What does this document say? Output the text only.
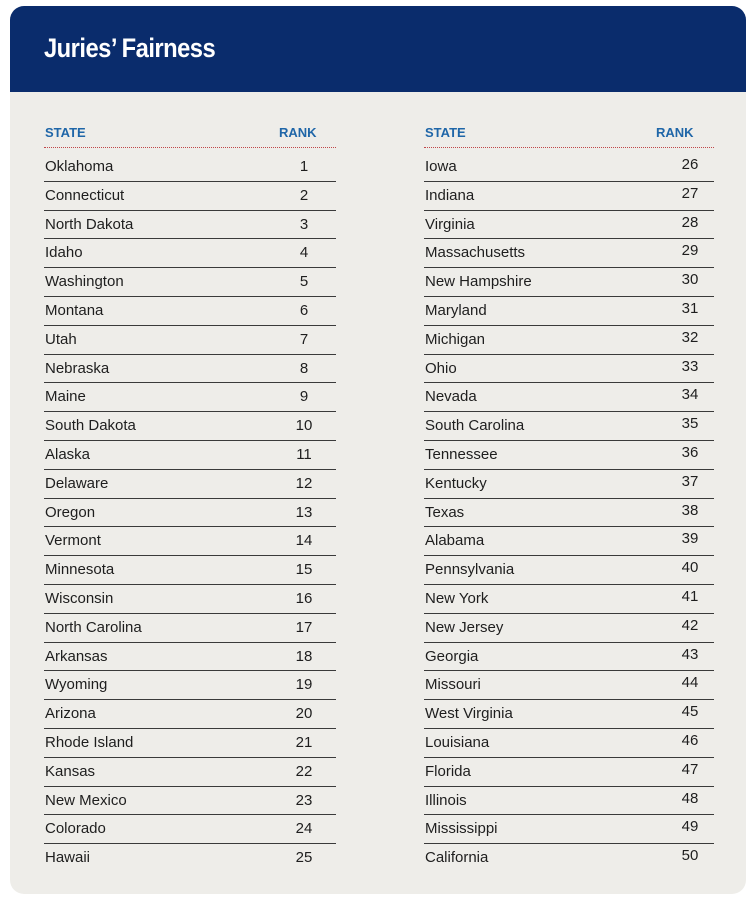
Juries’ Fairness
STATE	RANK
Oklahoma	1
Connecticut	2
North Dakota	3
Idaho	4
Washington	5
Montana	6
Utah	7
Nebraska	8
Maine	9
South Dakota	10
Alaska	11
Delaware	12
Oregon	13
Vermont	14
Minnesota	15
Wisconsin	16
North Carolina	17
Arkansas	18
Wyoming	19
Arizona	20
Rhode Island	21
Kansas	22
New Mexico	23
Colorado	24
Hawaii	25
STATE	RANK
Iowa	26
Indiana	27
Virginia	28
Massachusetts	29
New Hampshire	30
Maryland	31
Michigan	32
Ohio	33
Nevada	34
South Carolina	35
Tennessee	36
Kentucky	37
Texas	38
Alabama	39
Pennsylvania	40
New York	41
New Jersey	42
Georgia	43
Missouri	44
West Virginia	45
Louisiana	46
Florida	47
Illinois	48
Mississippi	49
California	50
